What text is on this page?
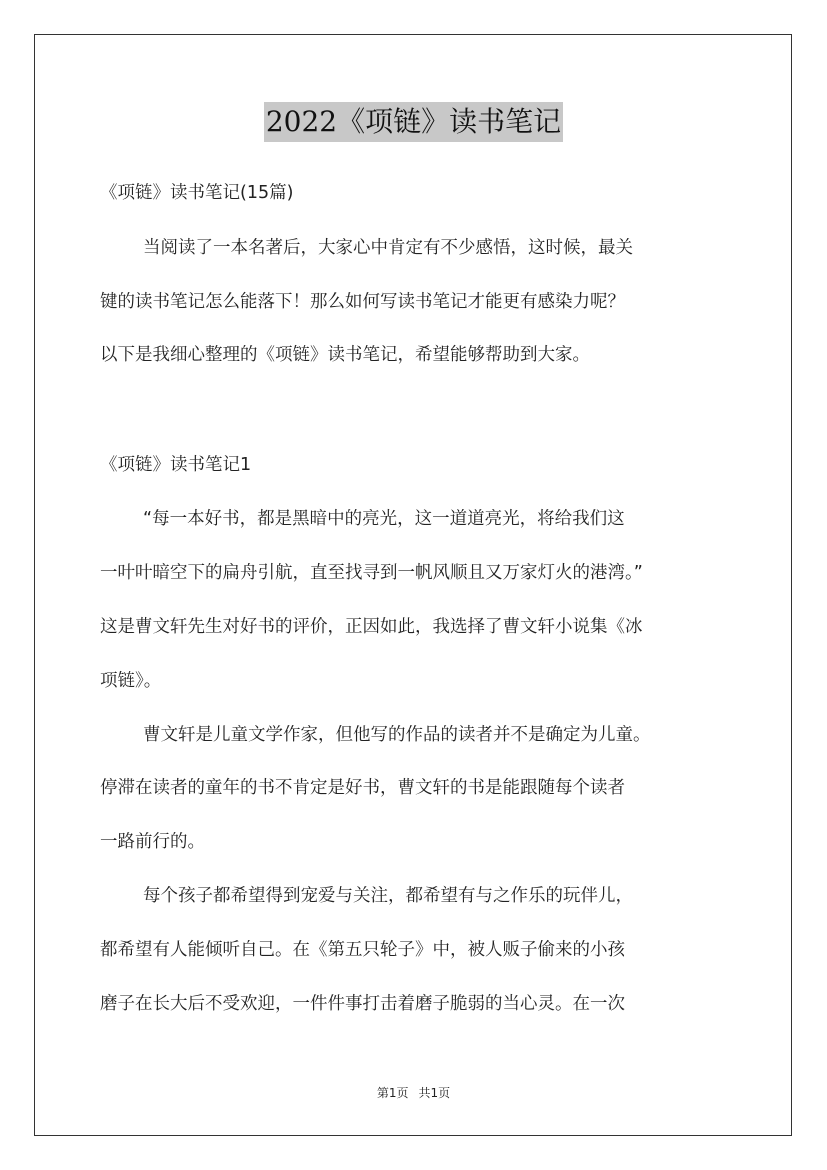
2022《项链》读书笔记
《项链》读书笔记(15篇)
当阅读了一本名著后，大家心中肯定有不少感悟，这时候，最关
键的读书笔记怎么能落下！那么如何写读书笔记才能更有感染力呢？
以下是我细心整理的《项链》读书笔记，希望能够帮助到大家。
《项链》读书笔记1
“每一本好书，都是黑暗中的亮光，这一道道亮光，将给我们这
一叶叶暗空下的扁舟引航，直至找寻到一帆风顺且又万家灯火的港湾。”
这是曹文轩先生对好书的评价，正因如此，我选择了曹文轩小说集《冰
项链》。
曹文轩是儿童文学作家，但他写的作品的读者并不是确定为儿童。
停滞在读者的童年的书不肯定是好书，曹文轩的书是能跟随每个读者
一路前行的。
每个孩子都希望得到宠爱与关注，都希望有与之作乐的玩伴儿，
都希望有人能倾听自己。在《第五只轮子》中，被人贩子偷来的小孩
磨子在长大后不受欢迎，一件件事打击着磨子脆弱的当心灵。在一次
第1页 共1页
